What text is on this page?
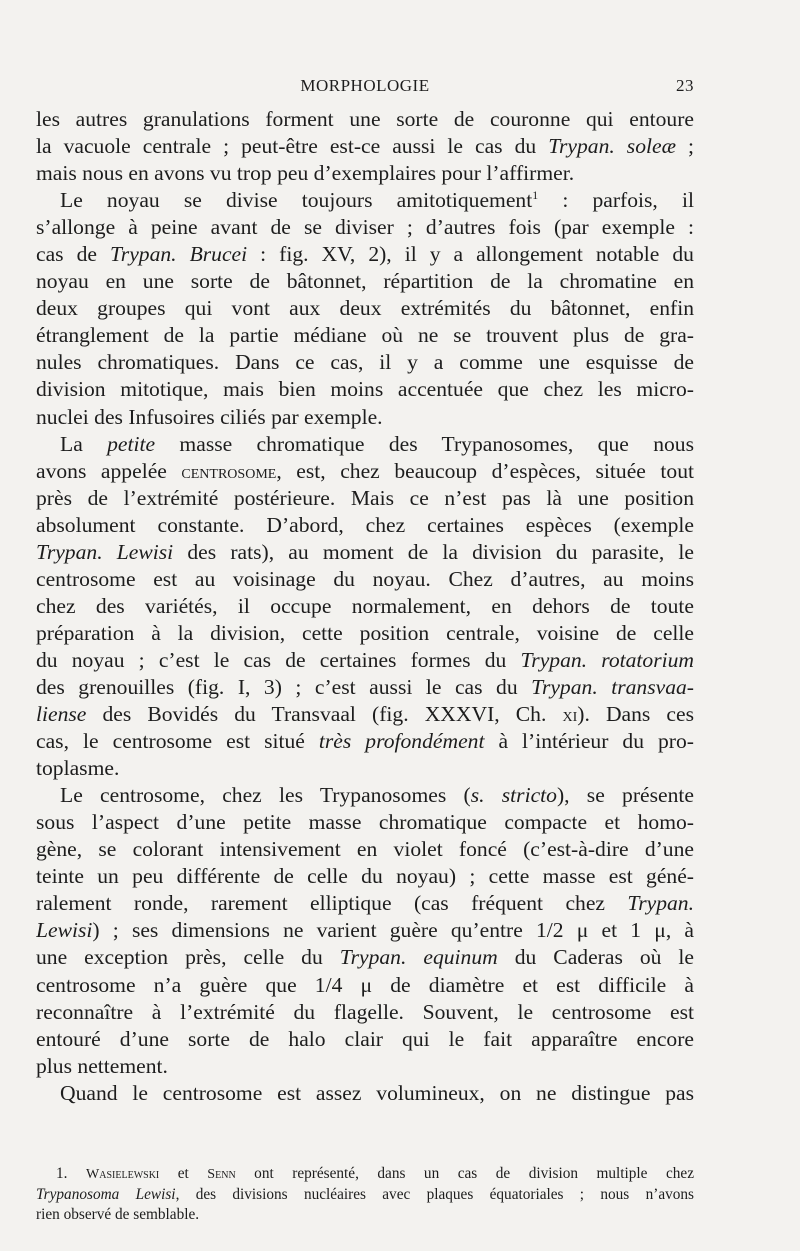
MORPHOLOGIE	23
les autres granulations forment une sorte de couronne qui entoure
la vacuole centrale ; peut-être est-ce aussi le cas du Trypan. soleæ ;
mais nous en avons vu trop peu d’exemplaires pour l’affirmer.
Le noyau se divise toujours amitotiquement$^1$ : parfois, il
s’allonge à peine avant de se diviser ; d’autres fois (par exemple :
cas de Trypan. Brucei : fig. XV, 2), il y a allongement notable du
noyau en une sorte de bâtonnet, répartition de la chromatine en
deux groupes qui vont aux deux extrémités du bâtonnet, enfin
étranglement de la partie médiane où ne se trouvent plus de gra-
nules chromatiques. Dans ce cas, il y a comme une esquisse de
division mitotique, mais bien moins accentuée que chez les micro-
nuclei des Infusoires ciliés par exemple.
La petite masse chromatique des Trypanosomes, que nous
avons appelée centrosome, est, chez beaucoup d’espèces, située tout
près de l’extrémité postérieure. Mais ce n’est pas là une position
absolument constante. D’abord, chez certaines espèces (exemple
Trypan. Lewisi des rats), au moment de la division du parasite, le
centrosome est au voisinage du noyau. Chez d’autres, au moins
chez des variétés, il occupe normalement, en dehors de toute
préparation à la division, cette position centrale, voisine de celle
du noyau ; c’est le cas de certaines formes du Trypan. rotatorium
des grenouilles (fig. I, 3) ; c’est aussi le cas du Trypan. transvaa-
liense des Bovidés du Transvaal (fig. XXXVI, Ch. xi). Dans ces
cas, le centrosome est situé très profondément à l’intérieur du pro-
toplasme.
Le centrosome, chez les Trypanosomes (s. stricto), se présente
sous l’aspect d’une petite masse chromatique compacte et homo-
gène, se colorant intensivement en violet foncé (c’est-à-dire d’une
teinte un peu différente de celle du noyau) ; cette masse est géné-
ralement ronde, rarement elliptique (cas fréquent chez Trypan.
Lewisi) ; ses dimensions ne varient guère qu’entre 1/2 μ et 1 μ, à
une exception près, celle du Trypan. equinum du Caderas où le
centrosome n’a guère que 1/4 μ de diamètre et est difficile à
reconnaître à l’extrémité du flagelle. Souvent, le centrosome est
entouré d’une sorte de halo clair qui le fait apparaître encore
plus nettement.
Quand le centrosome est assez volumineux, on ne distingue pas
1. Wasielewski et Senn ont représenté, dans un cas de division multiple chez
Trypanosoma Lewisi, des divisions nucléaires avec plaques équatoriales ; nous n’avons
rien observé de semblable.
